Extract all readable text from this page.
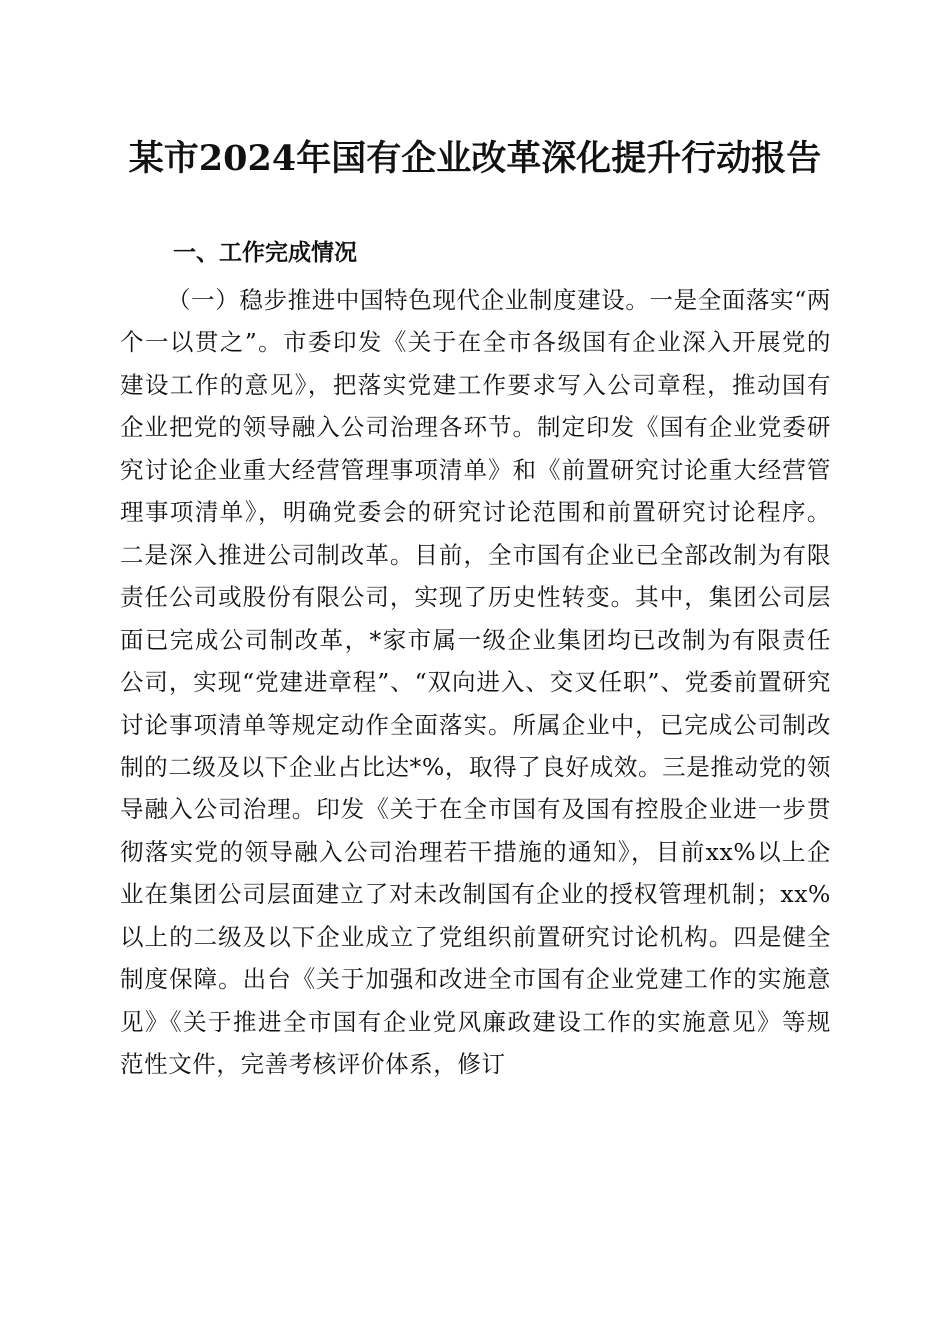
某市2024年国有企业改革深化提升行动报告
一、工作完成情况

（一）稳步推进中国特色现代企业制度建设。一是全面落实“两个一以贯之”。市委印发《关于在全市各级国有企业深入开展党的建设工作的意见》，把落实党建工作要求写入公司章程，推动国有企业把党的领导融入公司治理各环节。制定印发《国有企业党委研究讨论企业重大经营管理事项清单》和《前置研究讨论重大经营管理事项清单》，明确党委会的研究讨论范围和前置研究讨论程序。二是深入推进公司制改革。目前，全市国有企业已全部改制为有限责任公司或股份有限公司，实现了历史性转变。其中，集团公司层面已完成公司制改革，*家市属一级企业集团均已改制为有限责任公司，实现“党建进章程”、“双向进入、交叉任职”、党委前置研究讨论事项清单等规定动作全面落实。所属企业中，已完成公司制改制的二级及以下企业占比达*%，取得了良好成效。三是推动党的领导融入公司治理。印发《关于在全市国有及国有控股企业进一步贯彻落实党的领导融入公司治理若干措施的通知》，目前xx%以上企业在集团公司层面建立了对未改制国有企业的授权管理机制；xx%以上的二级及以下企业成立了党组织前置研究讨论机构。四是健全制度保障。出台《关于加强和改进全市国有企业党建工作的实施意见》《关于推进全市国有企业党风廉政建设工作的实施意见》等规范性文件，完善考核评价体系，修订
